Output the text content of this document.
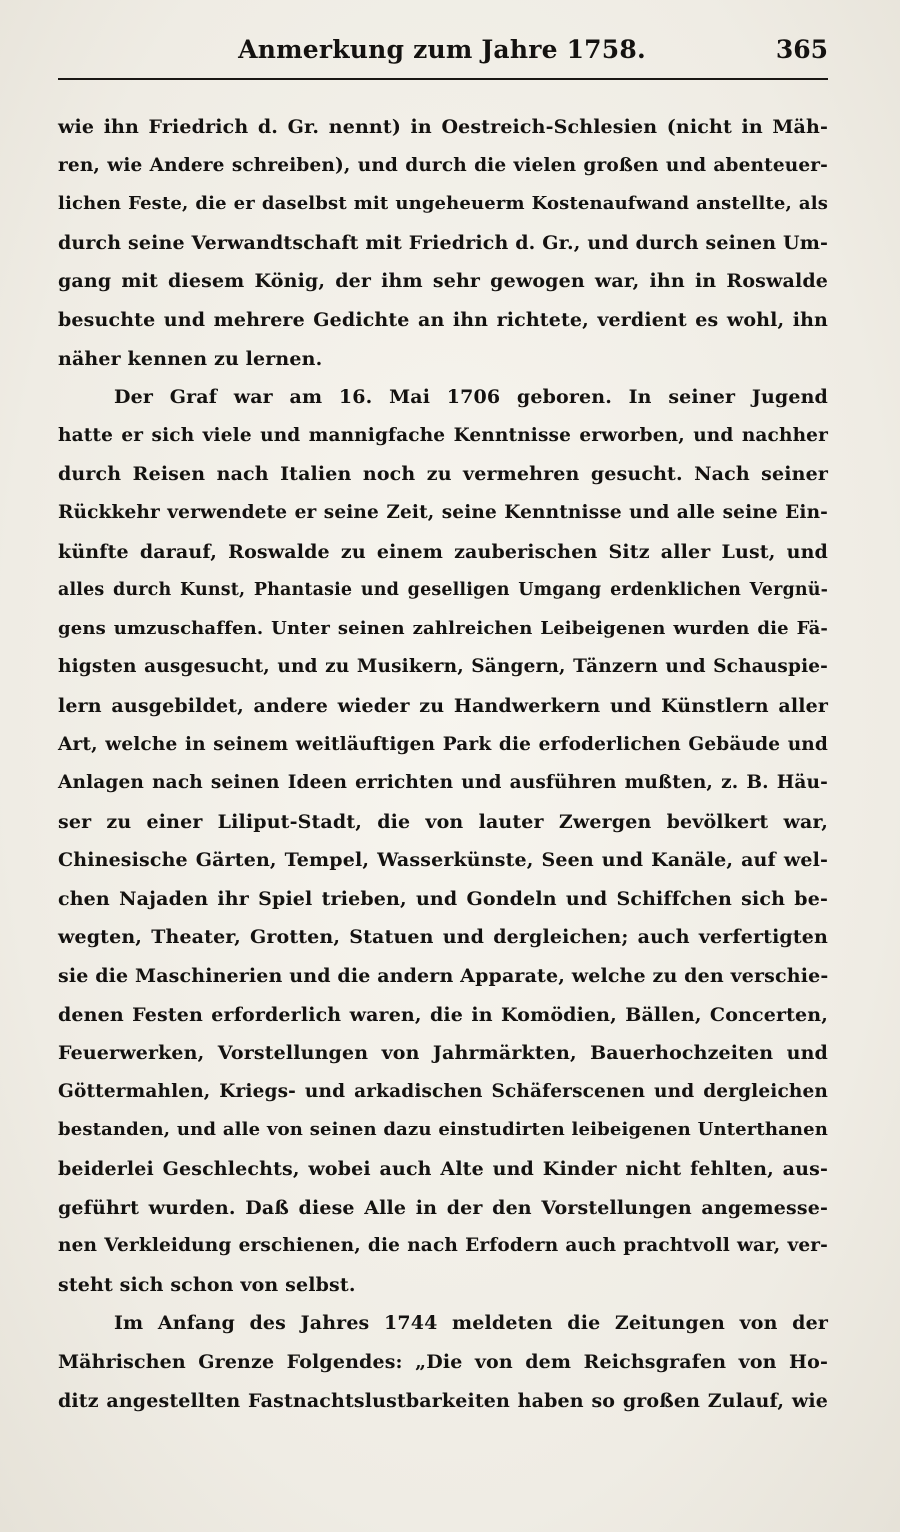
Anmerkung zum Jahre 1758.	365
wie ihn Friedrich d. Gr. nennt) in Oestreich-Schlesien (nicht in Mäh-
ren, wie Andere schreiben), und durch die vielen großen und abenteuer-
lichen Feste, die er daselbst mit ungeheuerm Kostenaufwand anstellte, als
durch seine Verwandtschaft mit Friedrich d. Gr., und durch seinen Um-
gang mit diesem König, der ihm sehr gewogen war, ihn in Roswalde
besuchte und mehrere Gedichte an ihn richtete, verdient es wohl, ihn
näher kennen zu lernen.
Der Graf war am 16. Mai 1706 geboren. In seiner Jugend
hatte er sich viele und mannigfache Kenntnisse erworben, und nachher
durch Reisen nach Italien noch zu vermehren gesucht. Nach seiner
Rückkehr verwendete er seine Zeit, seine Kenntnisse und alle seine Ein-
künfte darauf, Roswalde zu einem zauberischen Sitz aller Lust, und
alles durch Kunst, Phantasie und geselligen Umgang erdenklichen Vergnü-
gens umzuschaffen. Unter seinen zahlreichen Leibeigenen wurden die Fä-
higsten ausgesucht, und zu Musikern, Sängern, Tänzern und Schauspie-
lern ausgebildet, andere wieder zu Handwerkern und Künstlern aller
Art, welche in seinem weitläuftigen Park die erfoderlichen Gebäude und
Anlagen nach seinen Ideen errichten und ausführen mußten, z. B. Häu-
ser zu einer Liliput-Stadt, die von lauter Zwergen bevölkert war,
Chinesische Gärten, Tempel, Wasserkünste, Seen und Kanäle, auf wel-
chen Najaden ihr Spiel trieben, und Gondeln und Schiffchen sich be-
wegten, Theater, Grotten, Statuen und dergleichen; auch verfertigten
sie die Maschinerien und die andern Apparate, welche zu den verschie-
denen Festen erforderlich waren, die in Komödien, Bällen, Concerten,
Feuerwerken, Vorstellungen von Jahrmärkten, Bauerhochzeiten und
Göttermahlen, Kriegs- und arkadischen Schäferscenen und dergleichen
bestanden, und alle von seinen dazu einstudirten leibeigenen Unterthanen
beiderlei Geschlechts, wobei auch Alte und Kinder nicht fehlten, aus-
geführt wurden. Daß diese Alle in der den Vorstellungen angemesse-
nen Verkleidung erschienen, die nach Erfodern auch prachtvoll war, ver-
steht sich schon von selbst.
Im Anfang des Jahres 1744 meldeten die Zeitungen von der
Mährischen Grenze Folgendes: „Die von dem Reichsgrafen von Ho-
ditz angestellten Fastnachtslustbarkeiten haben so großen Zulauf, wie
